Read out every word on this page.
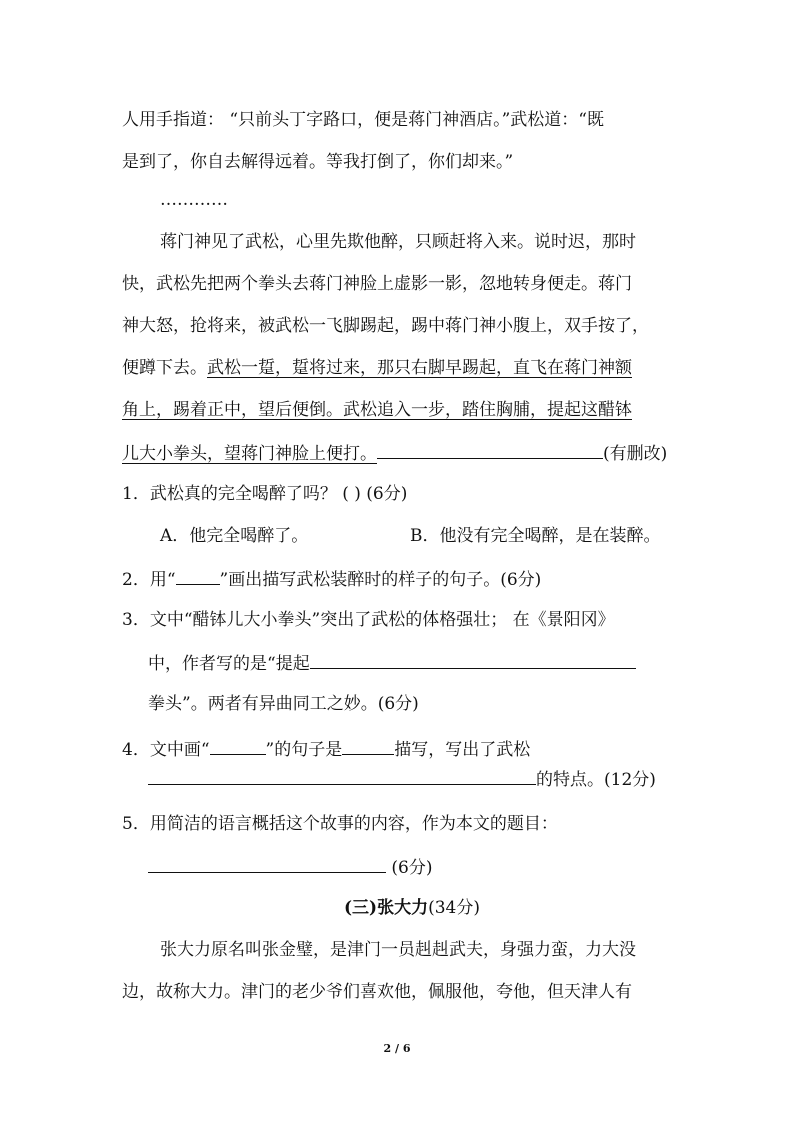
人用手指道： “只前头丁字路口，便是蒋门神酒店。”武松道：“既
是到了，你自去解得远着。等我打倒了，你们却来。”
…………
蒋门神见了武松，心里先欺他醉，只顾赶将入来。说时迟，那时
快，武松先把两个拳头去蒋门神脸上虚影一影，忽地转身便走。蒋门
神大怒，抢将来，被武松一飞脚踢起，踢中蒋门神小腹上，双手按了，
便蹲下去。武松一踅，踅将过来，那只右脚早踢起，直飞在蒋门神额
角上，踢着正中，望后便倒。武松追入一步，踏住胸脯，提起这醋钵
儿大小拳头，望蒋门神脸上便打。	(有删改)
1．武松真的完全喝醉了吗？ ( ) (6分)
A．他完全喝醉了。	B．他没有完全喝醉，是在装醉。
2．用“	”画出描写武松装醉时的样子的句子。(6分)
3．文中“醋钵儿大小拳头”突出了武松的体格强壮； 在《景阳冈》
中，作者写的是“提起
拳头”。两者有异曲同工之妙。(6分)
4．文中画“	”的句子是	描写，写出了武松
的特点。(12分)
5．用简洁的语言概括这个故事的内容，作为本文的题目：
(6分)
(三)张大力(34分)
张大力原名叫张金璧，是津门一员赳赳武夫，身强力蛮，力大没
边，故称大力。津门的老少爷们喜欢他，佩服他，夸他，但天津人有
2 / 6
